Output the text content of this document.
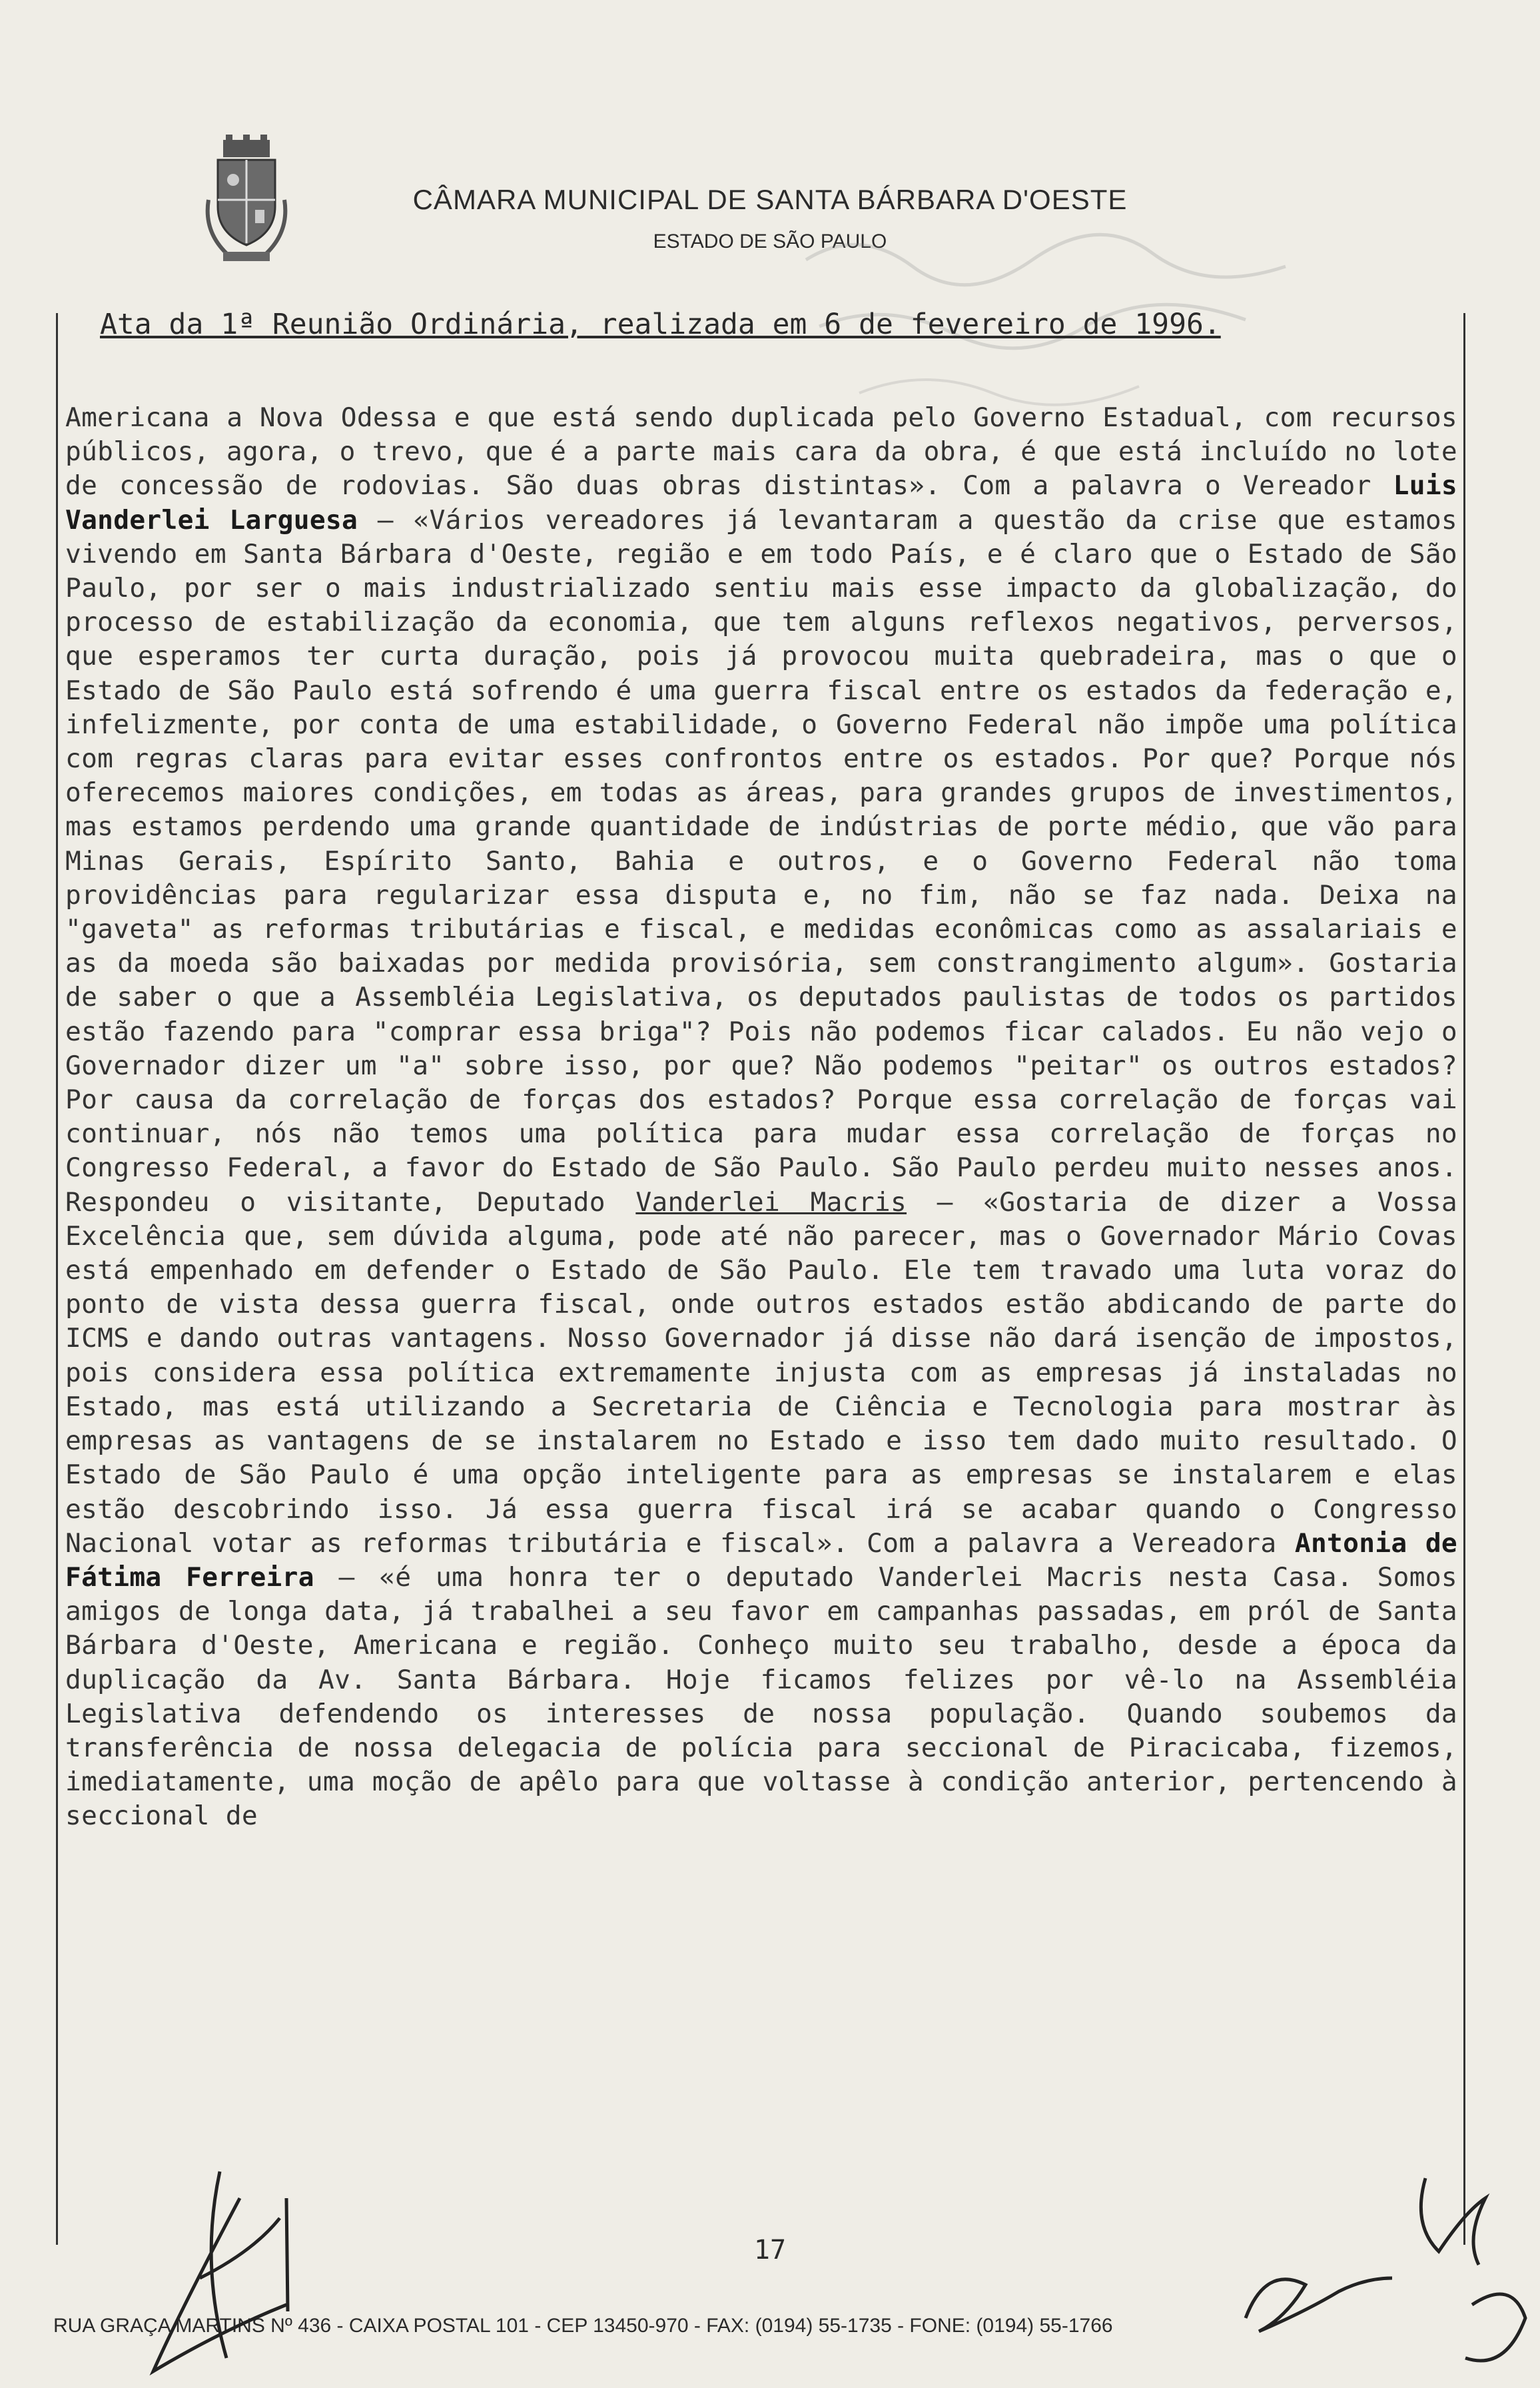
CÂMARA MUNICIPAL DE SANTA BÁRBARA D'OESTE
ESTADO DE SÃO PAULO
Ata da 1ª Reunião Ordinária, realizada em 6 de fevereiro de 1996.

Americana a Nova Odessa e que está sendo duplicada pelo Governo Estadual, com recursos públicos, agora, o trevo, que é a parte mais cara da obra, é que está incluído no lote de concessão de rodovias. São duas obras distintas». Com a palavra o Vereador Luis Vanderlei Larguesa – «Vários vereadores já levantaram a questão da crise que estamos vivendo em Santa Bárbara d'Oeste, região e em todo País, e é claro que o Estado de São Paulo, por ser o mais industrializado sentiu mais esse impacto da globalização, do processo de estabilização da economia, que tem alguns reflexos negativos, perversos, que esperamos ter curta duração, pois já provocou muita quebradeira, mas o que o Estado de São Paulo está sofrendo é uma guerra fiscal entre os estados da federação e, infelizmente, por conta de uma estabilidade, o Governo Federal não impõe uma política com regras claras para evitar esses confrontos entre os estados. Por que? Porque nós oferecemos maiores condições, em todas as áreas, para grandes grupos de investimentos, mas estamos perdendo uma grande quantidade de indústrias de porte médio, que vão para Minas Gerais, Espírito Santo, Bahia e outros, e o Governo Federal não toma providências para regularizar essa disputa e, no fim, não se faz nada. Deixa na "gaveta" as reformas tributárias e fiscal, e medidas econômicas como as assalariais e as da moeda são baixadas por medida provisória, sem constrangimento algum». Gostaria de saber o que a Assembléia Legislativa, os deputados paulistas de todos os partidos estão fazendo para "comprar essa briga"? Pois não podemos ficar calados. Eu não vejo o Governador dizer um "a" sobre isso, por que? Não podemos "peitar" os outros estados? Por causa da correlação de forças dos estados? Porque essa correlação de forças vai continuar, nós não temos uma política para mudar essa correlação de forças no Congresso Federal, a favor do Estado de São Paulo. São Paulo perdeu muito nesses anos. Respondeu o visitante, Deputado Vanderlei Macris – «Gostaria de dizer a Vossa Excelência que, sem dúvida alguma, pode até não parecer, mas o Governador Mário Covas está empenhado em defender o Estado de São Paulo. Ele tem travado uma luta voraz do ponto de vista dessa guerra fiscal, onde outros estados estão abdicando de parte do ICMS e dando outras vantagens. Nosso Governador já disse não dará isenção de impostos, pois considera essa política extremamente injusta com as empresas já instaladas no Estado, mas está utilizando a Secretaria de Ciência e Tecnologia para mostrar às empresas as vantagens de se instalarem no Estado e isso tem dado muito resultado. O Estado de São Paulo é uma opção inteligente para as empresas se instalarem e elas estão descobrindo isso. Já essa guerra fiscal irá se acabar quando o Congresso Nacional votar as reformas tributária e fiscal». Com a palavra a Vereadora Antonia de Fátima Ferreira – «é uma honra ter o deputado Vanderlei Macris nesta Casa. Somos amigos de longa data, já trabalhei a seu favor em campanhas passadas, em pról de Santa Bárbara d'Oeste, Americana e região. Conheço muito seu trabalho, desde a época da duplicação da Av. Santa Bárbara. Hoje ficamos felizes por vê-lo na Assembléia Legislativa defendendo os interesses de nossa população. Quando soubemos da transferência de nossa delegacia de polícia para seccional de Piracicaba, fizemos, imediatamente, uma moção de apêlo para que voltasse à condição anterior, pertencendo à seccional de

17
RUA GRAÇA MARTINS Nº 436 - CAIXA POSTAL 101 - CEP 13450-970 - FAX: (0194) 55-1735 - FONE: (0194) 55-1766
